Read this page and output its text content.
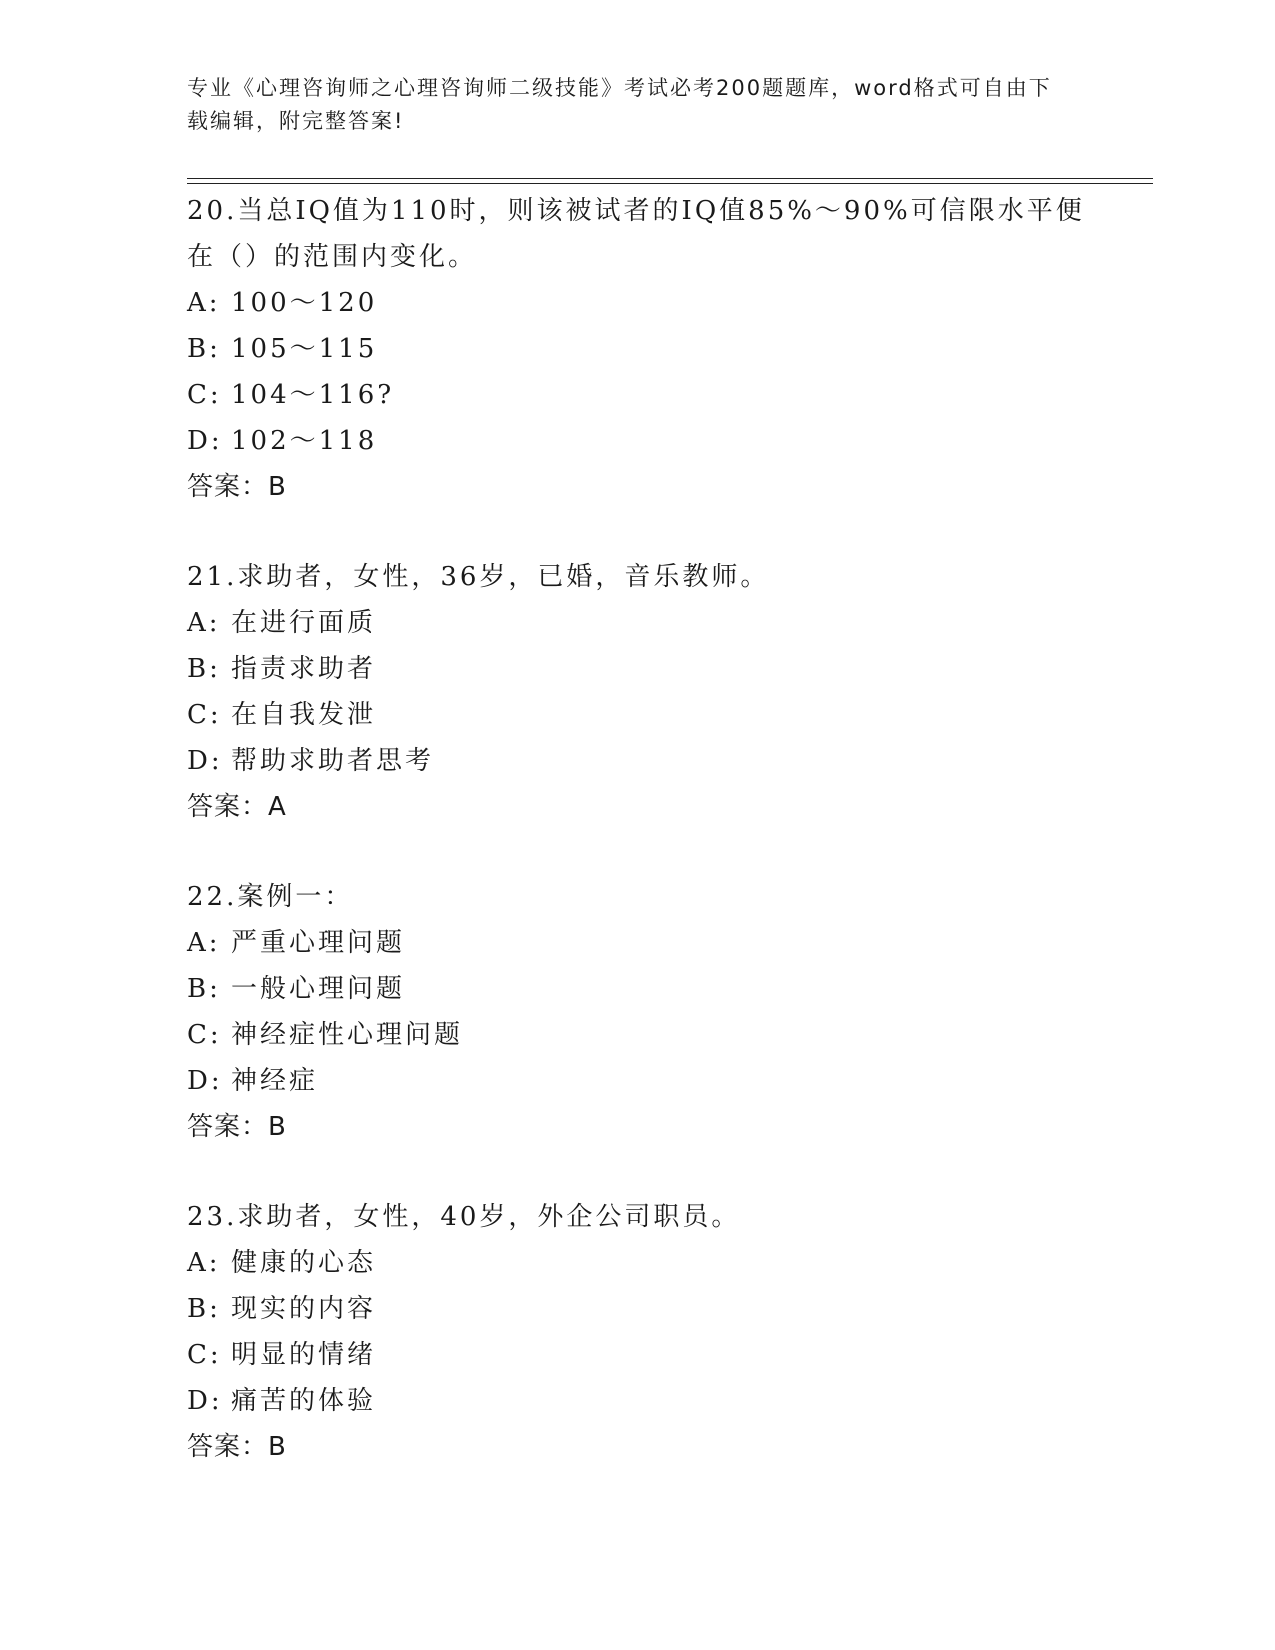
专业《心理咨询师之心理咨询师二级技能》考试必考200题题库，word格式可自由下载编辑，附完整答案!

20.当总IQ值为110时，则该被试者的IQ值85%～90%可信限水平便在（）的范围内变化。

A: 100～120

B: 105～115

C: 104～116?

D: 102～118

答案：B

21.求助者，女性，36岁，已婚，音乐教师。

A: 在进行面质

B: 指责求助者

C: 在自我发泄

D: 帮助求助者思考

答案：A

22.案例一：

A: 严重心理问题

B: 一般心理问题

C: 神经症性心理问题

D: 神经症

答案：B

23.求助者，女性，40岁，外企公司职员。

A: 健康的心态

B: 现实的内容

C: 明显的情绪

D: 痛苦的体验

答案：B
